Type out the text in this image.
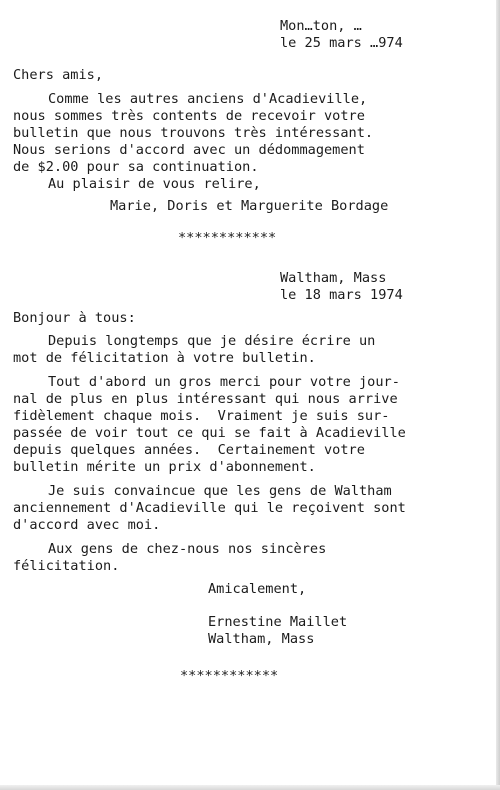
Mon…ton, …
le 25 mars …974
Chers amis,
Comme les autres anciens d'Acadieville,
nous sommes très contents de recevoir votre
bulletin que nous trouvons très intéressant.
Nous serions d'accord avec un dédommagement
de $2.00 pour sa continuation.
Au plaisir de vous relire,
Marie, Doris et Marguerite Bordage
************
Waltham, Mass
le 18 mars 1974
Bonjour à tous:
Depuis longtemps que je désire écrire un
mot de félicitation à votre bulletin.
Tout d'abord un gros merci pour votre jour-
nal de plus en plus intéressant qui nous arrive
fidèlement chaque mois.  Vraiment je suis sur-
passée de voir tout ce qui se fait à Acadieville
depuis quelques années.  Certainement votre
bulletin mérite un prix d'abonnement.
Je suis convaincue que les gens de Waltham
anciennement d'Acadieville qui le reçoivent sont
d'accord avec moi.
Aux gens de chez-nous nos sincères
félicitation.
Amicalement,
Ernestine Maillet
Waltham, Mass
************
